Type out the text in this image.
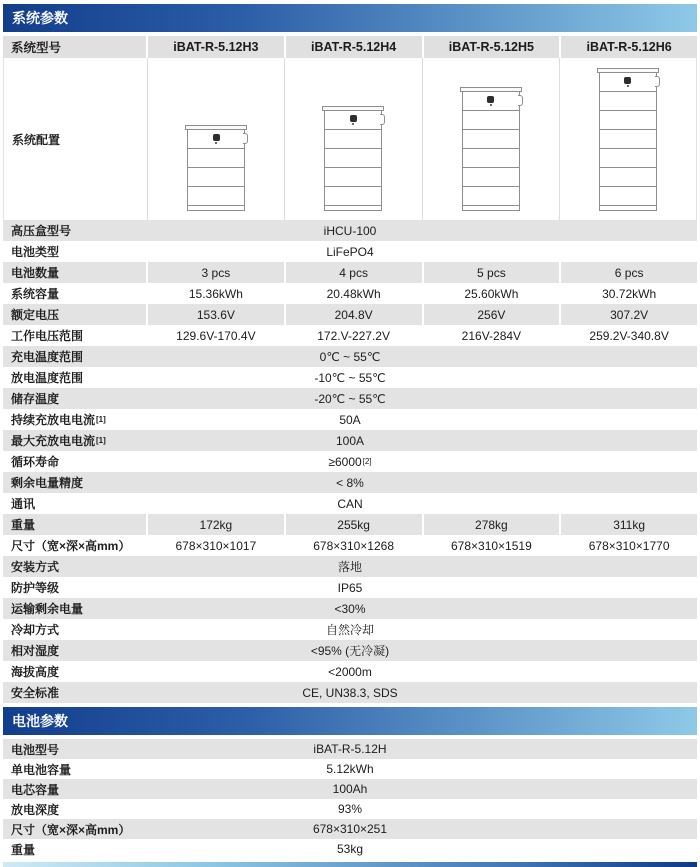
系统参数
系统型号	iBAT-R-5.12H3	iBAT-R-5.12H4	iBAT-R-5.12H5	iBAT-R-5.12H6
系统配置
高压盒型号	iHCU-100
电池类型	LiFePO4
电池数量	3 pcs	4 pcs	5 pcs	6 pcs
系统容量	15.36kWh	20.48kWh	25.60kWh	30.72kWh
额定电压	153.6V	204.8V	256V	307.2V
工作电压范围	129.6V-170.4V	172.V-227.2V	216V-284V	259.2V-340.8V
充电温度范围	0℃ ~ 55℃
放电温度范围	-10℃ ~ 55℃
储存温度	-20℃ ~ 55℃
持续充放电电流 [1]	50A
最大充放电电流 [1]	100A
循环寿命	≥6000 [2]
剩余电量精度	< 8%
通讯	CAN
重量	172kg	255kg	278kg	311kg
尺寸（宽×深×高mm）	678×310×1017	678×310×1268	678×310×1519	678×310×1770
安装方式	落地
防护等级	IP65
运输剩余电量	<30%
冷却方式	自然冷却
相对湿度	<95% (无冷凝)
海拔高度	<2000m
安全标准	CE, UN38.3, SDS
电池参数
电池型号	iBAT-R-5.12H
单电池容量	5.12kWh
电芯容量	100Ah
放电深度	93%
尺寸（宽×深×高mm）	678×310×251
重量	53kg
